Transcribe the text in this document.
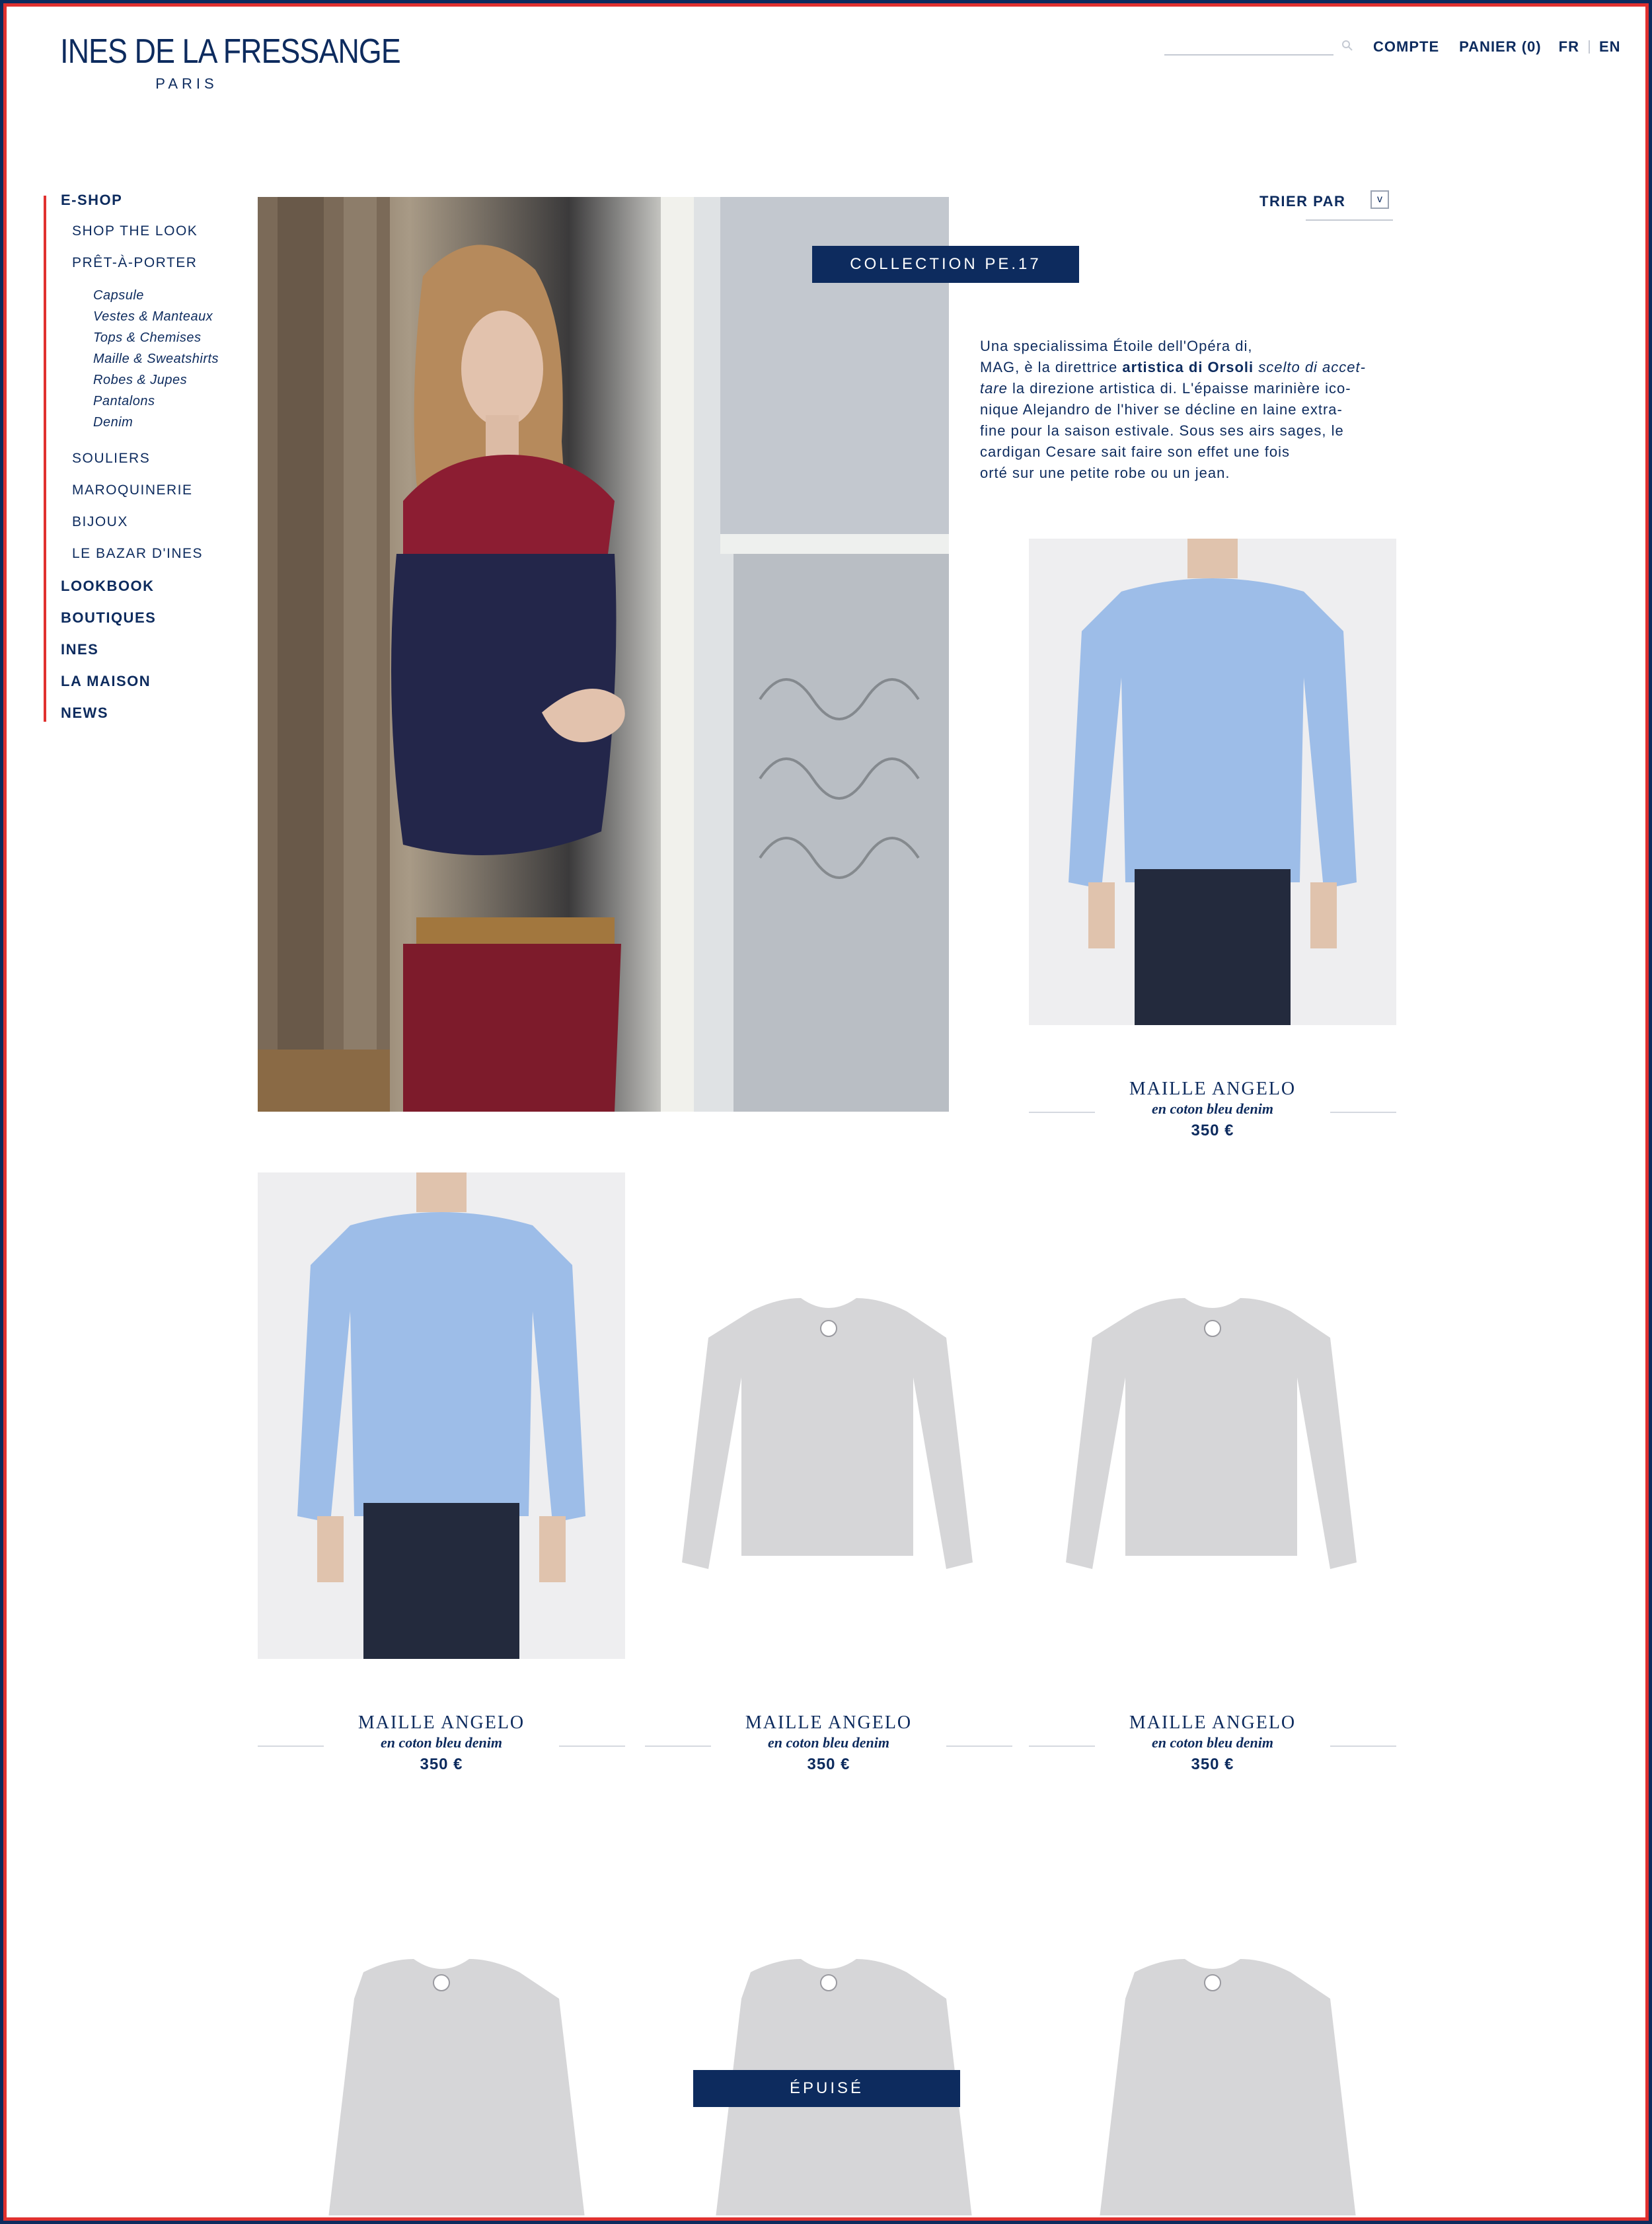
INES DE LA FRESSANGE
PARIS
COMPTE PANIER (0) FR EN
E-SHOP
SHOP THE LOOK
PRÊT-À-PORTER
Capsule
Vestes & Manteaux
Tops & Chemises
Maille & Sweatshirts
Robes & Jupes
Pantalons
Denim
SOULIERS
MAROQUINERIE
BIJOUX
LE BAZAR D'INES
LOOKBOOK
BOUTIQUES
INES
LA MAISON
NEWS
TRIER PAR	v
COLLECTION PE.17
Una specialissima Étoile dell'Opéra di,
MAG, è la direttrice artistica di Orsoli scelto di accet-
tare la direzione artistica di. L'épaisse marinière ico-
nique Alejandro de l'hiver se décline en laine extra-
fine pour la saison estivale. Sous ses airs sages, le
cardigan Cesare sait faire son effet une fois
orté sur une petite robe ou un jean.
MAILLE ANGELO
en coton bleu denim
350 €
MAILLE ANGELO
en coton bleu denim
350 €
MAILLE ANGELO
en coton bleu denim
350 €
MAILLE ANGELO
en coton bleu denim
350 €
ÉPUISÉ
